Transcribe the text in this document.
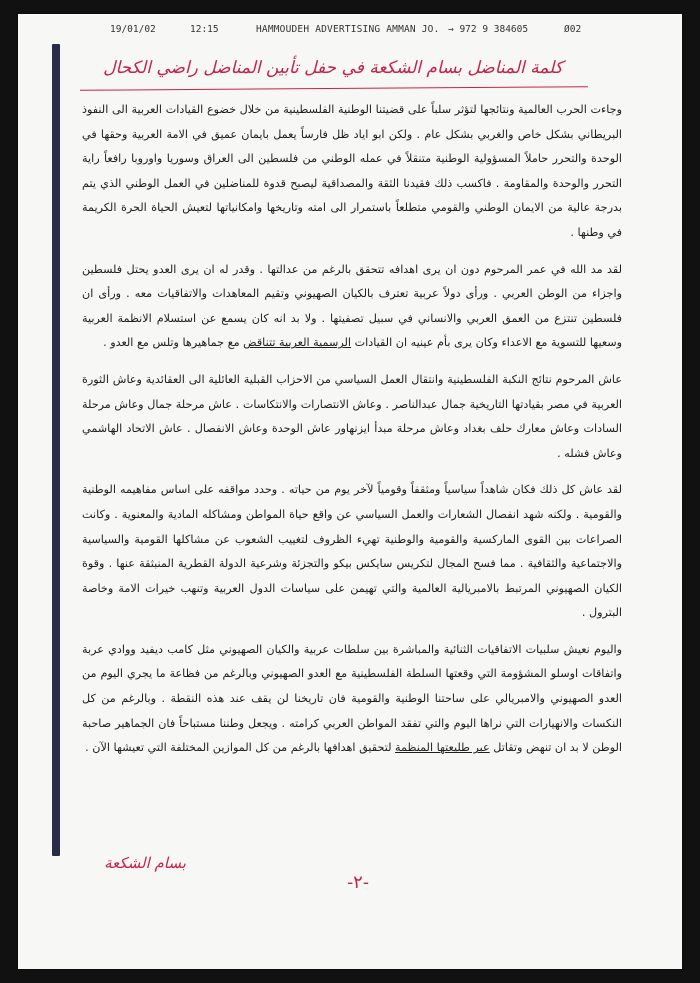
19/01/02	12:15	HAMMOUDEH ADVERTISING AMMAN JO. → 972 9 384605	Ø02
كلمة المناضل بسام الشكعة في حفل تأبين المناضل راضي الكحال

وجاءت الحرب العالمية ونتائجها لتؤثر سلباً على قضيتنا الوطنية الفلسطينية من خلال خضوع القيادات العربية الى النفوذ البريطاني بشكل خاص والغربي بشكل عام . ولكن ابو اياد ظل فارساً يعمل بايمان عميق في الامة العربية وحقها في الوحدة والتحرر حاملاً المسؤولية الوطنية متنقلاً في عمله الوطني من فلسطين الى العراق وسوريا واوروبا رافعاً راية التحرر والوحدة والمقاومة . فاكسب ذلك فقيدنا الثقة والمصداقية ليصبح قدوة للمناضلين في العمل الوطني الذي يتم بدرجة عالية من الايمان الوطني والقومي متطلعاً باستمرار الى امته وتاريخها وامكانياتها لتعيش الحياة الحرة الكريمة في وطنها .

لقد مد الله في عمر المرحوم دون ان يرى اهدافه تتحقق بالرغم من عدالتها . وقدر له ان يرى العدو يحتل فلسطين واجزاء من الوطن العربي . ورأى دولاً عربية تعترف بالكيان الصهيوني وتقيم المعاهدات والاتفاقيات معه . ورأى ان فلسطين تنتزع من العمق العربي والانساني في سبيل تصفيتها . ولا بد انه كان يسمع عن استسلام الانظمة العربية وسعيها للتسوية مع الاعداء وكان يرى بأم عينيه ان القيادات الرسمية العربية تتناقض مع جماهيرها وتلس مع العدو .

عاش المرحوم نتائج النكبة الفلسطينية وانتقال العمل السياسي من الاحزاب القبلية العائلية الى العقائدية وعاش الثورة العربية في مصر بقيادتها التاريخية جمال عبدالناصر . وعاش الانتصارات والانتكاسات . عاش مرحلة جمال وعاش مرحلة السادات وعاش معارك حلف بغداد وعاش مرحلة مبدأ ايزنهاور عاش الوحدة وعاش الانفصال . عاش الاتحاد الهاشمي وعاش فشله .

لقد عاش كل ذلك فكان شاهداً سياسياً ومثقفاً وقومياً لآخر يوم من حياته . وحدد مواقفه على اساس مفاهيمه الوطنية والقومية . ولكنه شهد انفصال الشعارات والعمل السياسي عن واقع حياة المواطن ومشاكله المادية والمعنوية . وكانت الصراعات بين القوى الماركسية والقومية والوطنية تهيء الظروف لتغييب الشعوب عن مشاكلها القومية والسياسية والاجتماعية والثقافية . مما فسح المجال لتكريس سايكس بيكو والتجزئة وشرعية الدولة القطرية المنبثقة عنها . وقوة الكيان الصهيوني المرتبط بالامبريالية العالمية والتي تهيمن على سياسات الدول العربية وتنهب خيرات الامة وخاصة البترول .

واليوم نعيش سلبيات الاتفاقيات الثنائية والمباشرة بين سلطات عربية والكيان الصهيوني مثل كامب ديفيد ووادي عربة واتفاقات اوسلو المشؤومة التي وقعتها السلطة الفلسطينية مع العدو الصهيوني وبالرغم من فظاعة ما يجري اليوم من العدو الصهيوني والامبريالي على ساحتنا الوطنية والقومية فان تاريخنا لن يقف عند هذه النقطة . وبالرغم من كل النكسات والانهيارات التي نراها اليوم والتي تفقد المواطن العربي كرامته . ويجعل وطننا مستباحاً فان الجماهير صاحبة الوطن لا بد ان تنهض وتقاتل عبر طليعتها المنظمة لتحقيق اهدافها بالرغم من كل الموازين المختلفة التي تعيشها الآن .

بسام الشكعة
-٢-
